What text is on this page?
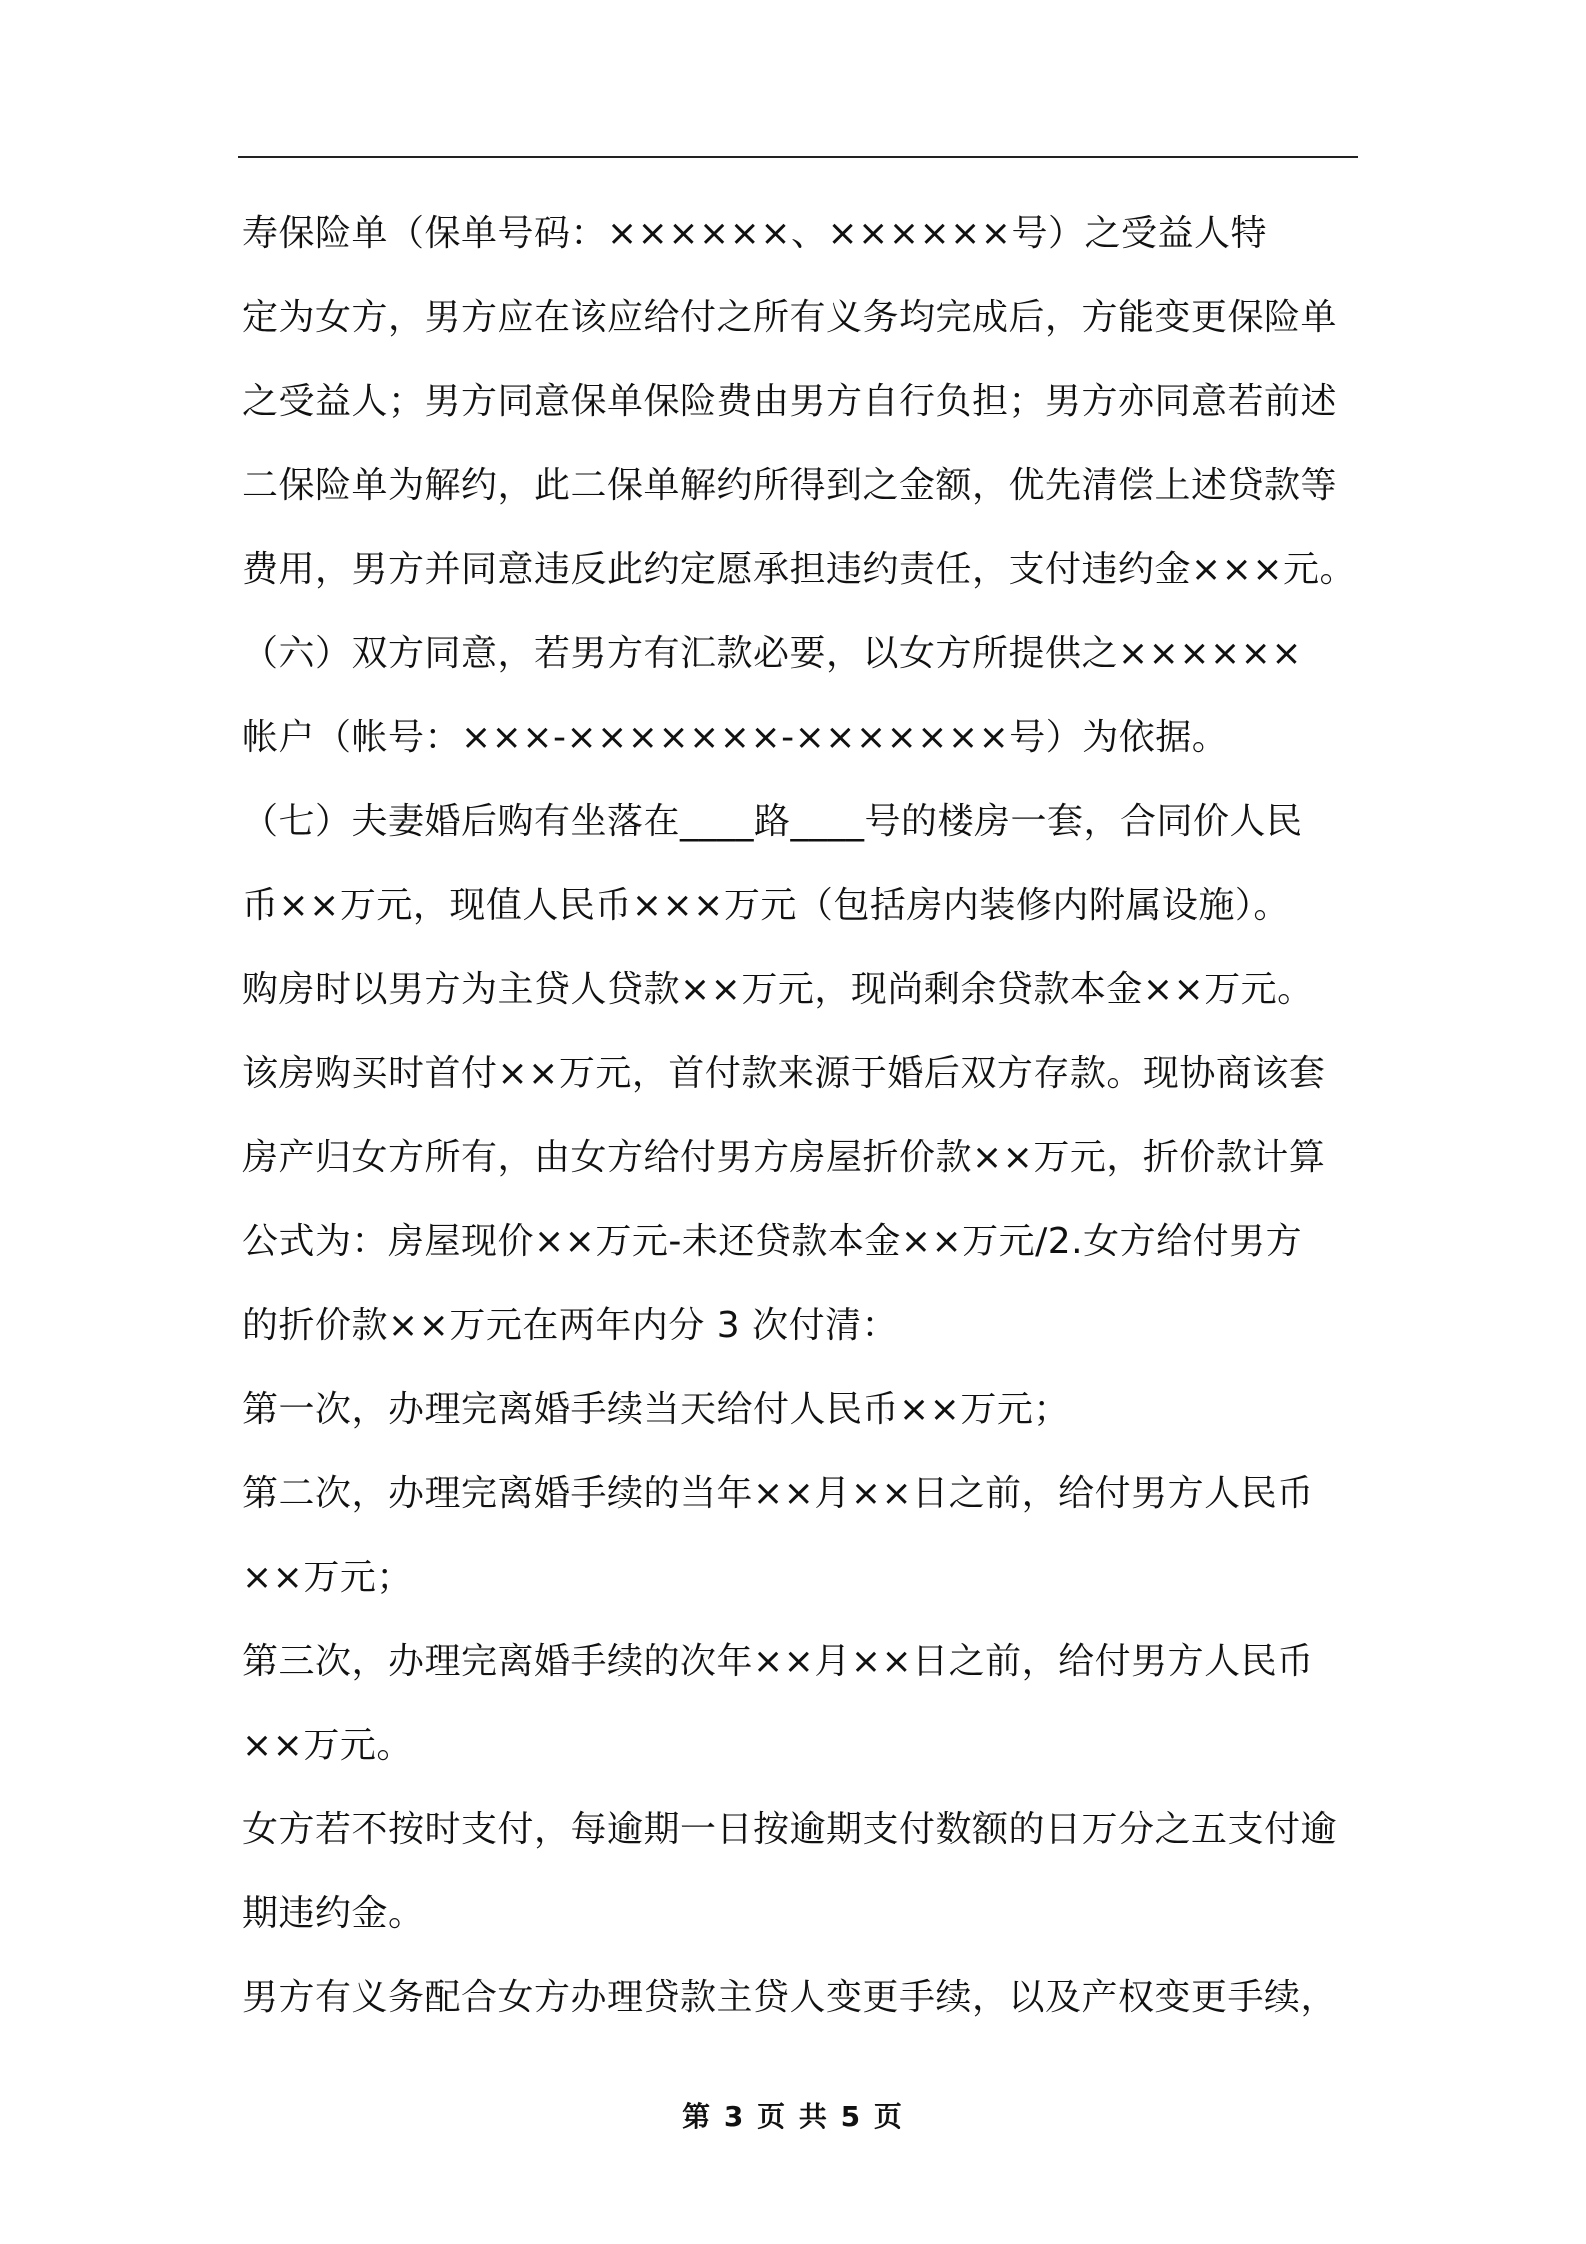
寿保险单（保单号码：××××××、××××××号）之受益人特
定为女方，男方应在该应给付之所有义务均完成后，方能变更保险单
之受益人；男方同意保单保险费由男方自行负担；男方亦同意若前述
二保险单为解约，此二保单解约所得到之金额，优先清偿上述贷款等
费用，男方并同意违反此约定愿承担违约责任，支付违约金×××元。
（六）双方同意，若男方有汇款必要，以女方所提供之××××××
帐户（帐号：×××-×××××××-×××××××号）为依据。
（七）夫妻婚后购有坐落在____路____号的楼房一套，合同价人民
币××万元，现值人民币×××万元（包括房内装修内附属设施）。
购房时以男方为主贷人贷款××万元，现尚剩余贷款本金××万元。
该房购买时首付××万元，首付款来源于婚后双方存款。现协商该套
房产归女方所有，由女方给付男方房屋折价款××万元，折价款计算
公式为：房屋现价××万元-未还贷款本金××万元/2.女方给付男方
的折价款××万元在两年内分 3 次付清：
第一次，办理完离婚手续当天给付人民币××万元；
第二次，办理完离婚手续的当年××月××日之前，给付男方人民币
××万元；
第三次，办理完离婚手续的次年××月××日之前，给付男方人民币
××万元。
女方若不按时支付，每逾期一日按逾期支付数额的日万分之五支付逾
期违约金。
男方有义务配合女方办理贷款主贷人变更手续，以及产权变更手续，
第 3 页 共 5 页
